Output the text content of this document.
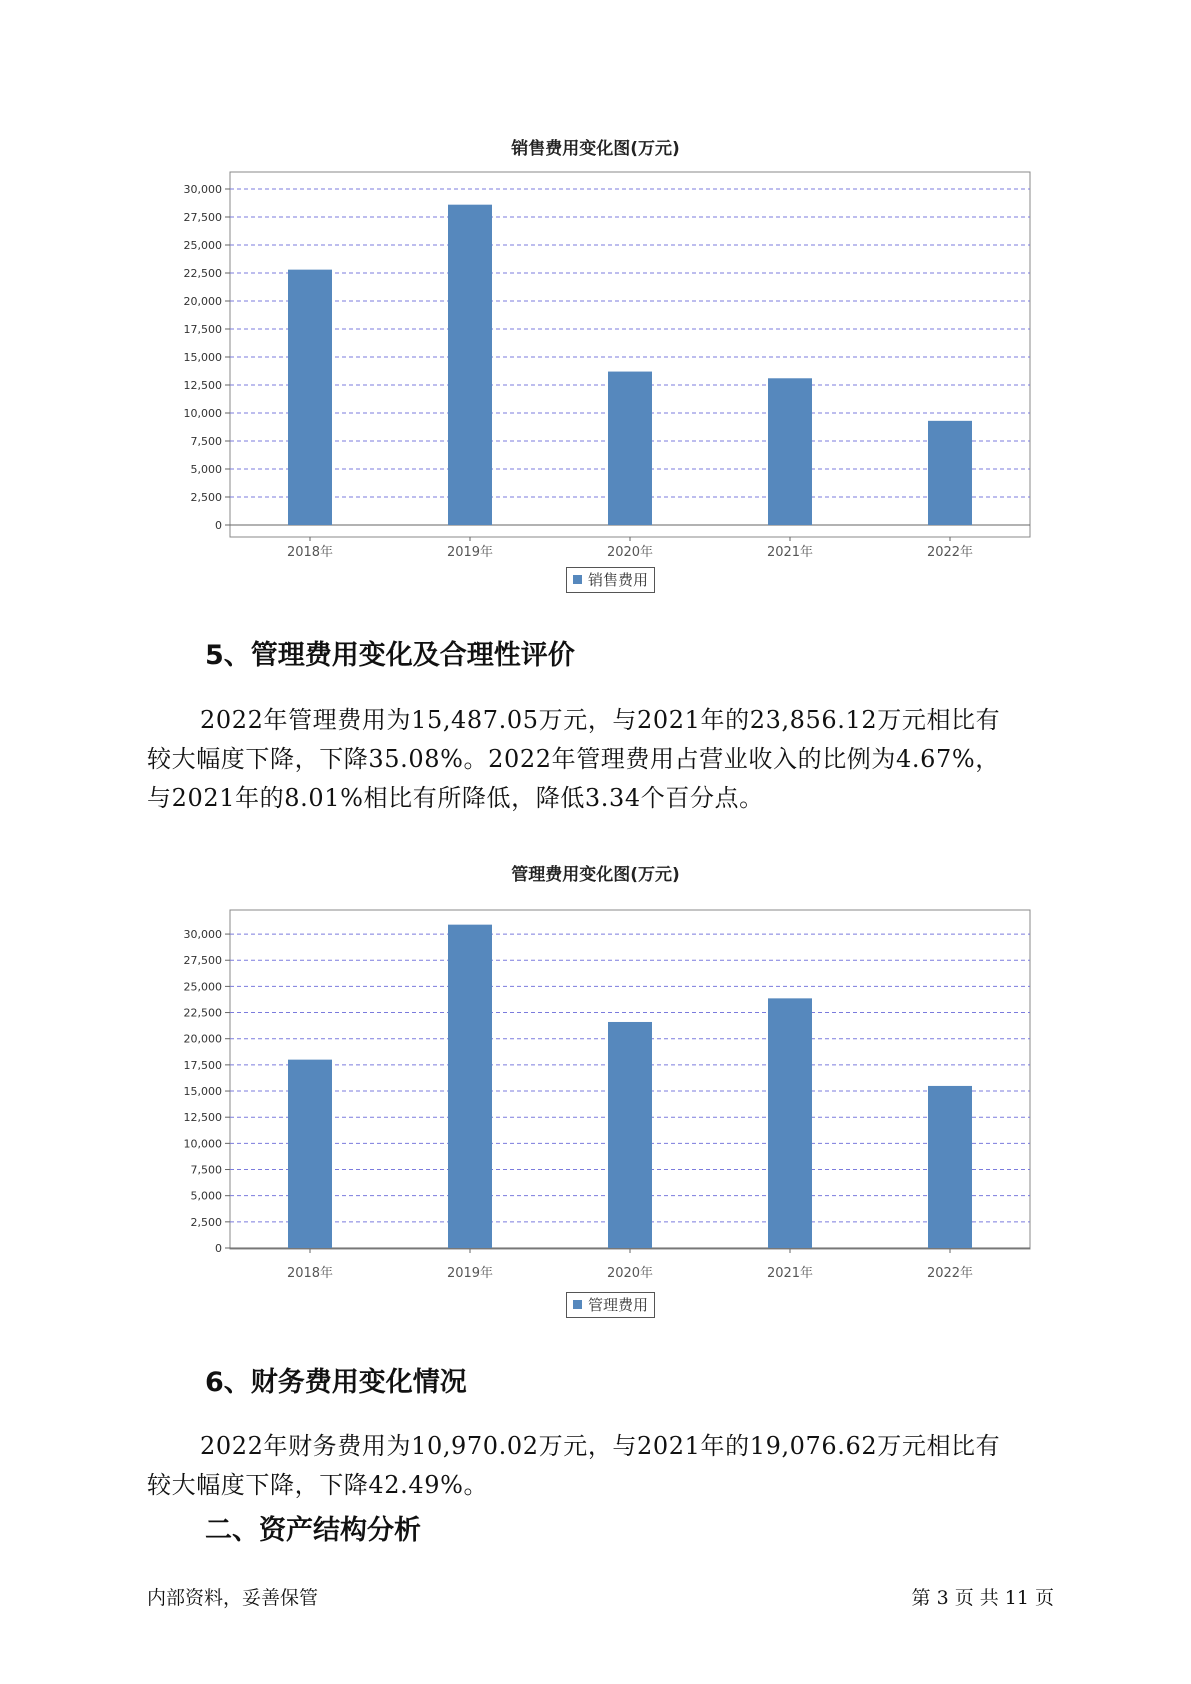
销售费用变化图(万元)
0
2,500
5,000
7,500
10,000
12,500
15,000
17,500
20,000
22,500
25,000
27,500
30,000
2018年	2019年	2020年	2021年	2022年
销售费用
5、管理费用变化及合理性评价
2022年管理费用为15,487.05万元，与2021年的23,856.12万元相比有
较大幅度下降，下降35.08%。2022年管理费用占营业收入的比例为4.67%，
与2021年的8.01%相比有所降低，降低3.34个百分点。
管理费用变化图(万元)
0
2,500
5,000
7,500
10,000
12,500
15,000
17,500
20,000
22,500
25,000
27,500
30,000
2018年	2019年	2020年	2021年	2022年
管理费用
6、财务费用变化情况
2022年财务费用为10,970.02万元，与2021年的19,076.62万元相比有
较大幅度下降，下降42.49%。
二、资产结构分析
内部资料，妥善保管	第 3 页 共 11 页
